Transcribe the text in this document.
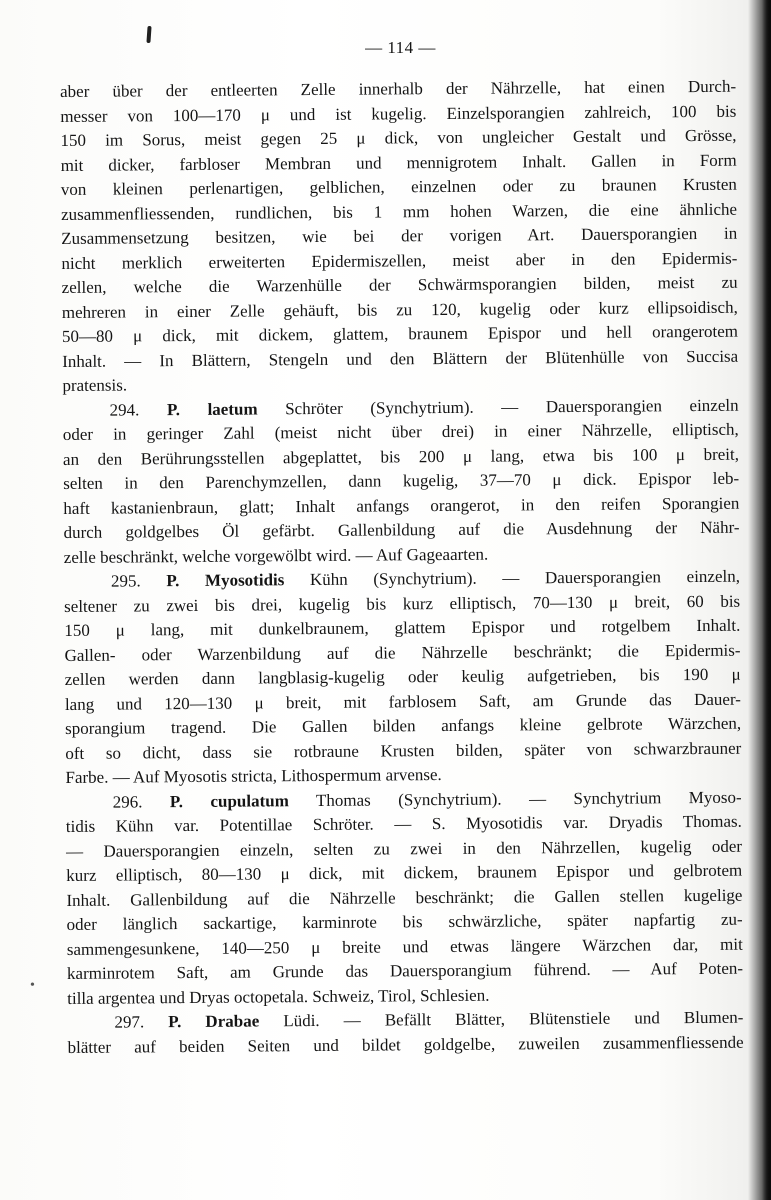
•
— 114 —
aber über der entleerten Zelle innerhalb der Nährzelle, hat einen Durch-
messer von 100—170 μ und ist kugelig. Einzelsporangien zahlreich, 100 bis
150 im Sorus, meist gegen 25 μ dick, von ungleicher Gestalt und Grösse,
mit dicker, farbloser Membran und mennigrotem Inhalt. Gallen in Form
von kleinen perlenartigen, gelblichen, einzelnen oder zu braunen Krusten
zusammenfliessenden, rundlichen, bis 1 mm hohen Warzen, die eine ähnliche
Zusammensetzung besitzen, wie bei der vorigen Art. Dauersporangien in
nicht merklich erweiterten Epidermiszellen, meist aber in den Epidermis-
zellen, welche die Warzenhülle der Schwärmsporangien bilden, meist zu
mehreren in einer Zelle gehäuft, bis zu 120, kugelig oder kurz ellipsoidisch,
50—80 μ dick, mit dickem, glattem, braunem Epispor und hell orangerotem
Inhalt. — In Blättern, Stengeln und den Blättern der Blütenhülle von Succisa
pratensis.
294. P. laetum Schröter (Synchytrium). — Dauersporangien einzeln
oder in geringer Zahl (meist nicht über drei) in einer Nährzelle, elliptisch,
an den Berührungsstellen abgeplattet, bis 200 μ lang, etwa bis 100 μ breit,
selten in den Parenchymzellen, dann kugelig, 37—70 μ dick. Epispor leb-
haft kastanienbraun, glatt; Inhalt anfangs orangerot, in den reifen Sporangien
durch goldgelbes Öl gefärbt. Gallenbildung auf die Ausdehnung der Nähr-
zelle beschränkt, welche vorgewölbt wird. — Auf Gageaarten.
295. P. Myosotidis Kühn (Synchytrium). — Dauersporangien einzeln,
seltener zu zwei bis drei, kugelig bis kurz elliptisch, 70—130 μ breit, 60 bis
150 μ lang, mit dunkelbraunem, glattem Epispor und rotgelbem Inhalt.
Gallen- oder Warzenbildung auf die Nährzelle beschränkt; die Epidermis-
zellen werden dann langblasig-kugelig oder keulig aufgetrieben, bis 190 μ
lang und 120—130 μ breit, mit farblosem Saft, am Grunde das Dauer-
sporangium tragend. Die Gallen bilden anfangs kleine gelbrote Wärzchen,
oft so dicht, dass sie rotbraune Krusten bilden, später von schwarzbrauner
Farbe. — Auf Myosotis stricta, Lithospermum arvense.
296. P. cupulatum Thomas (Synchytrium). — Synchytrium Myoso-
tidis Kühn var. Potentillae Schröter. — S. Myosotidis var. Dryadis Thomas.
— Dauersporangien einzeln, selten zu zwei in den Nährzellen, kugelig oder
kurz elliptisch, 80—130 μ dick, mit dickem, braunem Epispor und gelbrotem
Inhalt. Gallenbildung auf die Nährzelle beschränkt; die Gallen stellen kugelige
oder länglich sackartige, karminrote bis schwärzliche, später napfartig zu-
sammengesunkene, 140—250 μ breite und etwas längere Wärzchen dar, mit
karminrotem Saft, am Grunde das Dauersporangium führend. — Auf Poten-
tilla argentea und Dryas octopetala. Schweiz, Tirol, Schlesien.
297. P. Drabae Lüdi. — Befällt Blätter, Blütenstiele und Blumen-
blätter auf beiden Seiten und bildet goldgelbe, zuweilen zusammenfliessende
